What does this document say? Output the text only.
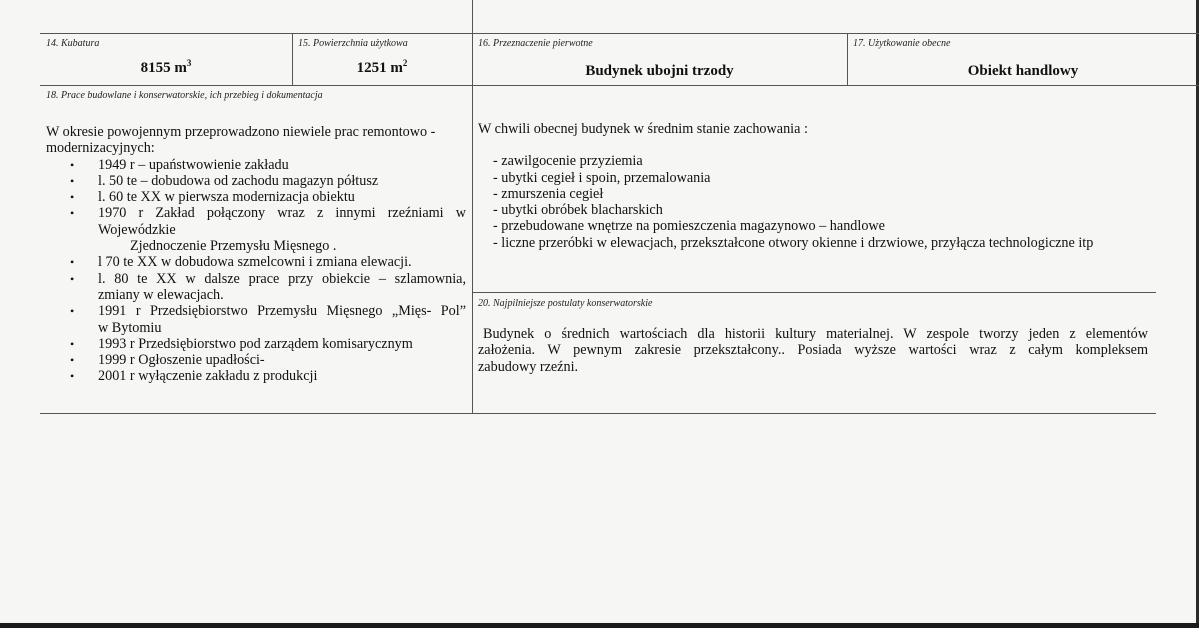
14. Kubatura
8155 $m^3$
15. Powierzchnia użytkowa
1251 $m^2$
16. Przeznaczenie pierwotne
Budynek ubojni trzody
17. Użytkowanie obecne
Obiekt handlowy
18. Prace budowlane i konserwatorskie, ich przebieg i dokumentacja

W okresie powojennym przeprowadzono niewiele prac remontowo -

modernizacyjnych:

• 1949 r – upaństwowienie zakładu
• l. 50 te – dobudowa od zachodu magazyn półtusz
• l. 60 te XX w pierwsza modernizacja obiektu
• 1970 r Zakład połączony wraz z innymi rzeźniami w

Wojewódzkie

Zjednoczenie Przemysłu Mięsnego .

• l 70 te XX w dobudowa szmelcowni i zmiana elewacji.
• l. 80 te XX w dalsze prace przy obiekcie – szlamownia,

zmiany w elewacjach.

• 1991 r Przedsiębiorstwo Przemysłu Mięsnego „Mięs- Pol”

w Bytomiu

• 1993 r Przedsiębiorstwo pod zarządem komisarycznym
• 1999 r Ogłoszenie upadłości-
• 2001 r wyłączenie zakładu z produkcji

W chwili obecnej budynek w średnim stanie zachowania :

- zawilgocenie przyziemia

- ubytki cegieł i spoin, przemalowania

- zmurszenia cegieł

- ubytki obróbek blacharskich

- przebudowane wnętrze na pomieszczenia magazynowo – handlowe

- liczne przeróbki w elewacjach, przekształcone otwory okienne i drzwiowe, przyłącza technologiczne itp

20. Najpilniejsze postulaty konserwatorskie

Budynek o średnich wartościach dla historii kultury materialnej. W zespole tworzy jeden z elementów

założenia. W pewnym zakresie przekształcony.. Posiada wyższe wartości wraz z całym kompleksem

zabudowy rzeźni.
